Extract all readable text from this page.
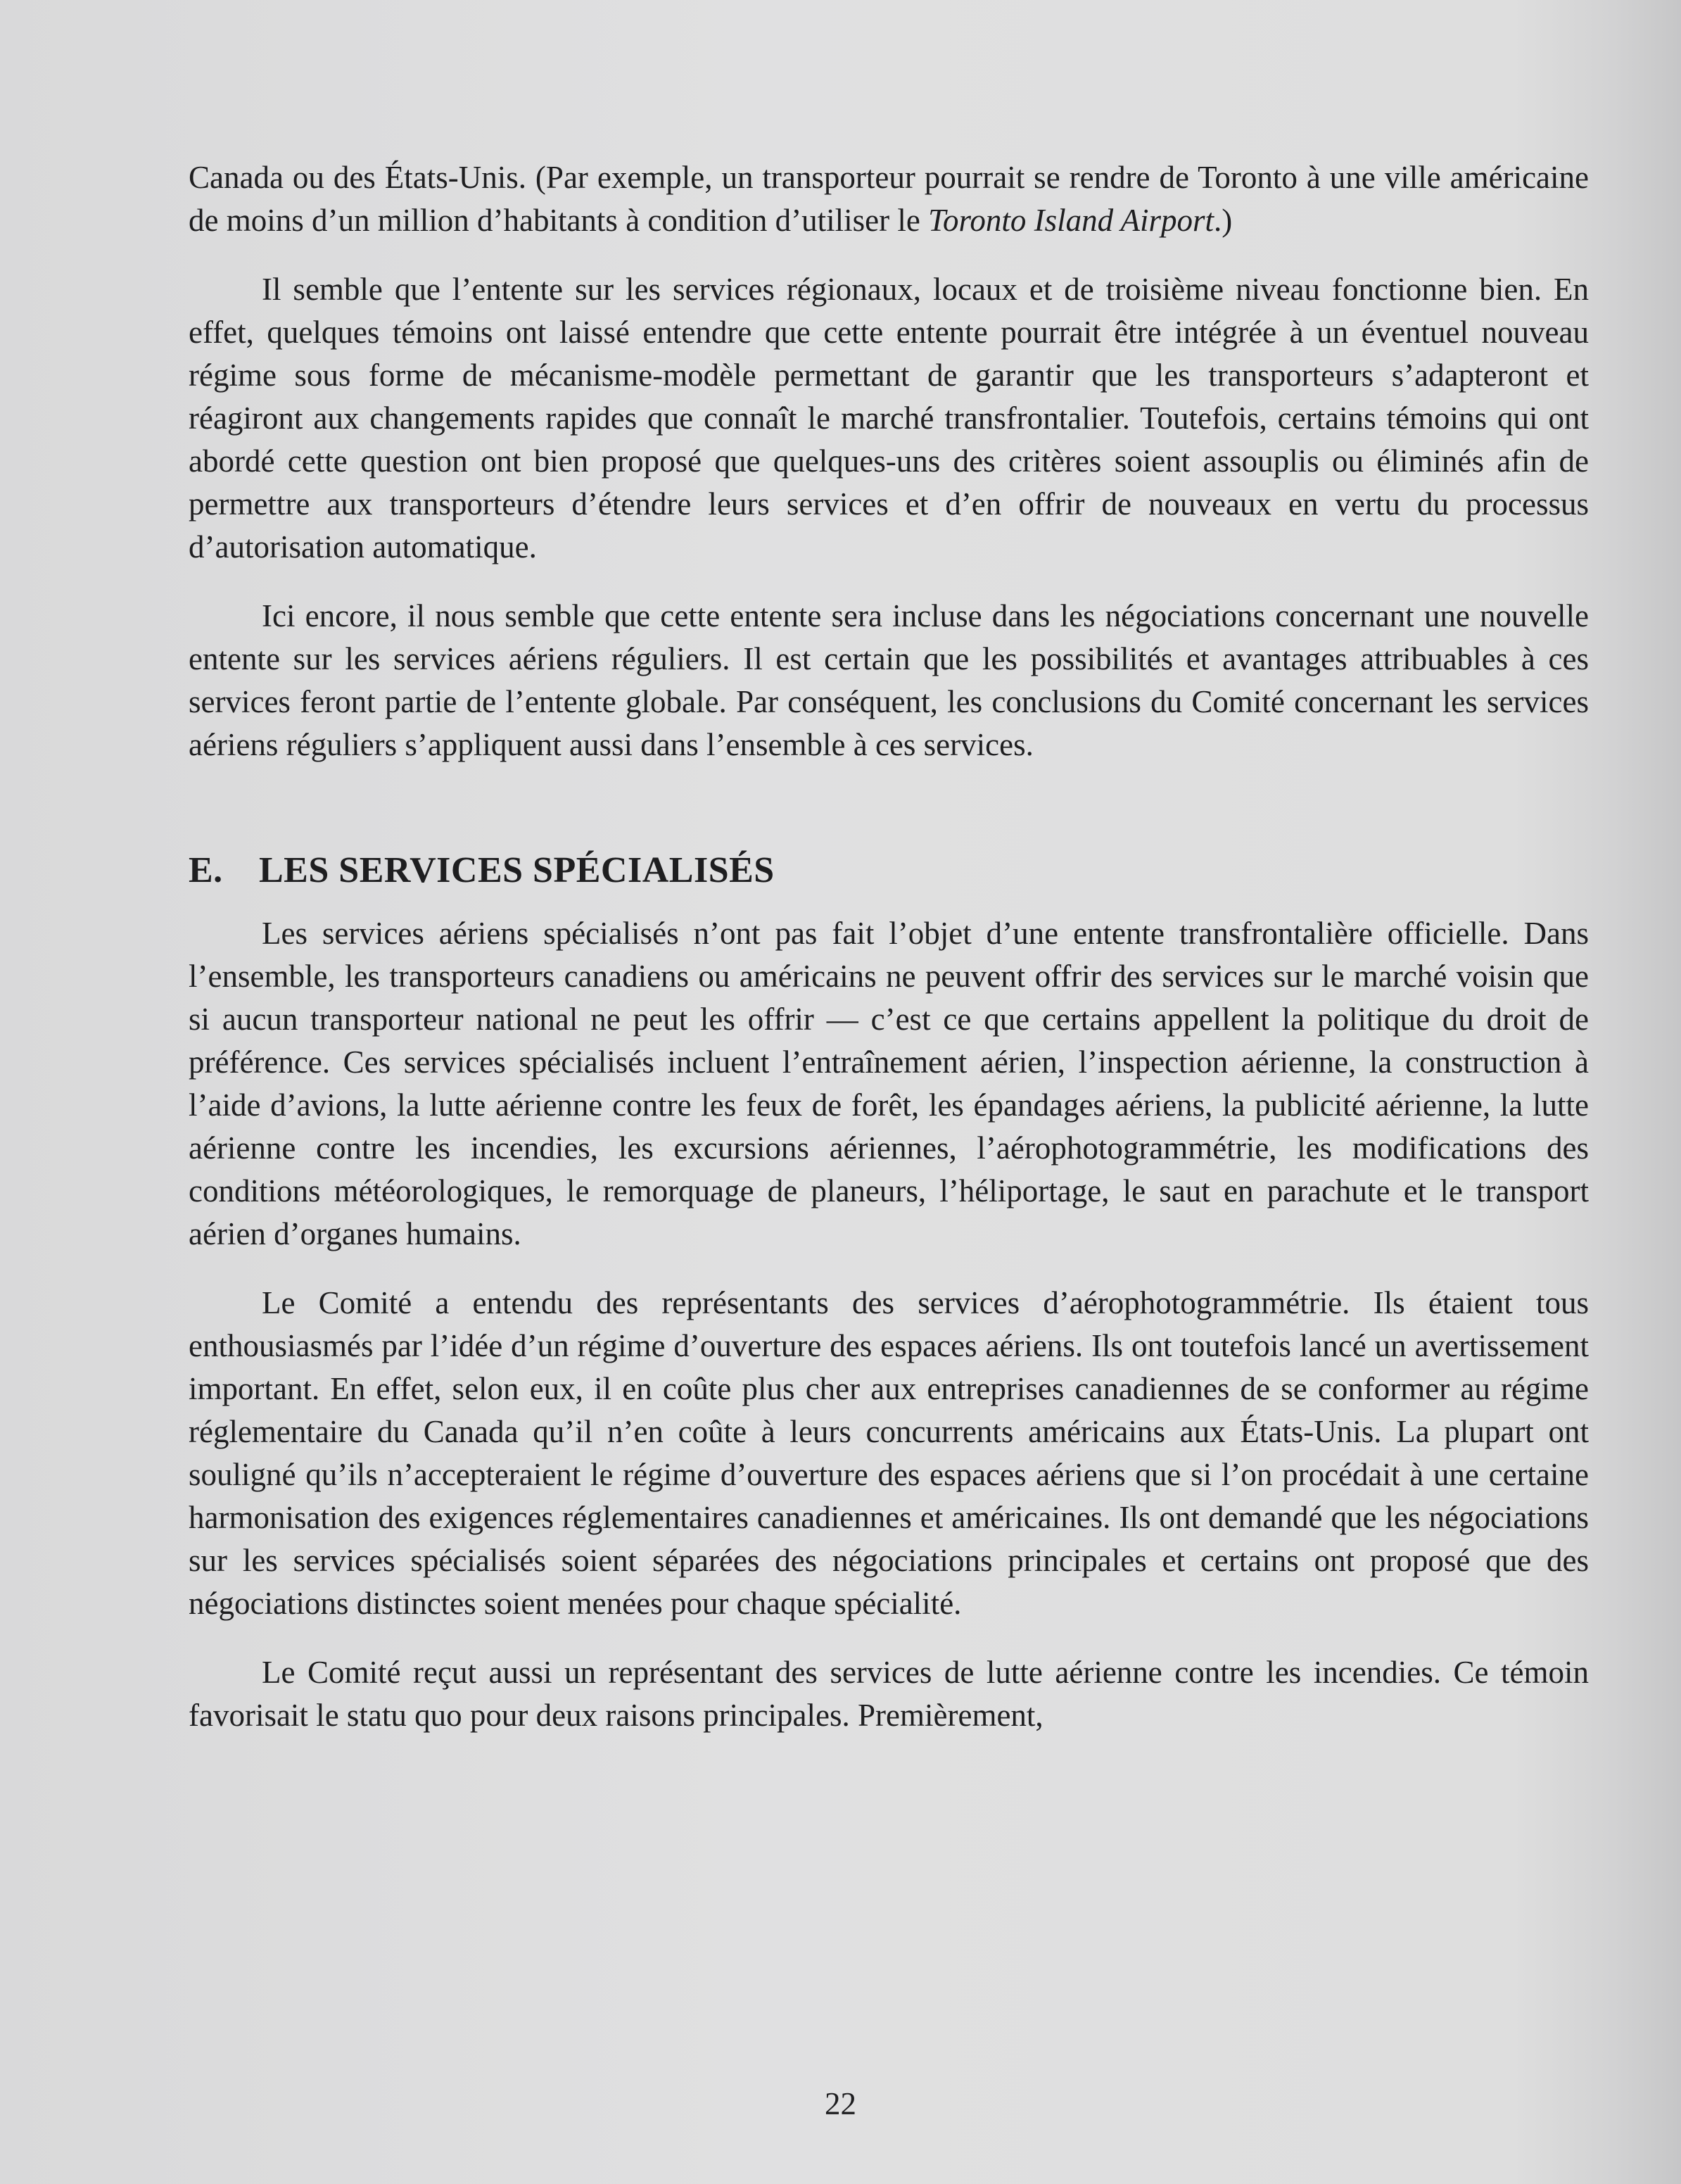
Canada ou des États-Unis. (Par exemple, un transporteur pourrait se rendre de Toronto à une ville américaine de moins d’un million d’habitants à condition d’utiliser le Toronto Island Airport.)

Il semble que l’entente sur les services régionaux, locaux et de troisième niveau fonctionne bien. En effet, quelques témoins ont laissé entendre que cette entente pourrait être intégrée à un éventuel nouveau régime sous forme de mécanisme-modèle permettant de garantir que les transporteurs s’adapteront et réagiront aux changements rapides que connaît le marché transfrontalier. Toutefois, certains témoins qui ont abordé cette question ont bien proposé que quelques-uns des critères soient assouplis ou éliminés afin de permettre aux transporteurs d’étendre leurs services et d’en offrir de nouveaux en vertu du processus d’autorisation automatique.

Ici encore, il nous semble que cette entente sera incluse dans les négociations concernant une nouvelle entente sur les services aériens réguliers. Il est certain que les possibilités et avantages attribuables à ces services feront partie de l’entente globale. Par conséquent, les conclusions du Comité concernant les services aériens réguliers s’appliquent aussi dans l’ensemble à ces services.

E. LES SERVICES SPÉCIALISÉS

Les services aériens spécialisés n’ont pas fait l’objet d’une entente transfrontalière officielle. Dans l’ensemble, les transporteurs canadiens ou américains ne peuvent offrir des services sur le marché voisin que si aucun transporteur national ne peut les offrir — c’est ce que certains appellent la politique du droit de préférence. Ces services spécialisés incluent l’entraînement aérien, l’inspection aérienne, la construction à l’aide d’avions, la lutte aérienne contre les feux de forêt, les épandages aériens, la publicité aérienne, la lutte aérienne contre les incendies, les excursions aériennes, l’aérophotogrammétrie, les modifications des conditions météorologiques, le remorquage de planeurs, l’héliportage, le saut en parachute et le transport aérien d’organes humains.

Le Comité a entendu des représentants des services d’aérophotogrammétrie. Ils étaient tous enthousiasmés par l’idée d’un régime d’ouverture des espaces aériens. Ils ont toutefois lancé un avertissement important. En effet, selon eux, il en coûte plus cher aux entreprises canadiennes de se conformer au régime réglementaire du Canada qu’il n’en coûte à leurs concurrents américains aux États-Unis. La plupart ont souligné qu’ils n’accepteraient le régime d’ouverture des espaces aériens que si l’on procédait à une certaine harmonisation des exigences réglementaires canadiennes et américaines. Ils ont demandé que les négociations sur les services spécialisés soient séparées des négociations principales et certains ont proposé que des négociations distinctes soient menées pour chaque spécialité.

Le Comité reçut aussi un représentant des services de lutte aérienne contre les incendies. Ce témoin favorisait le statu quo pour deux raisons principales. Premièrement,

22
